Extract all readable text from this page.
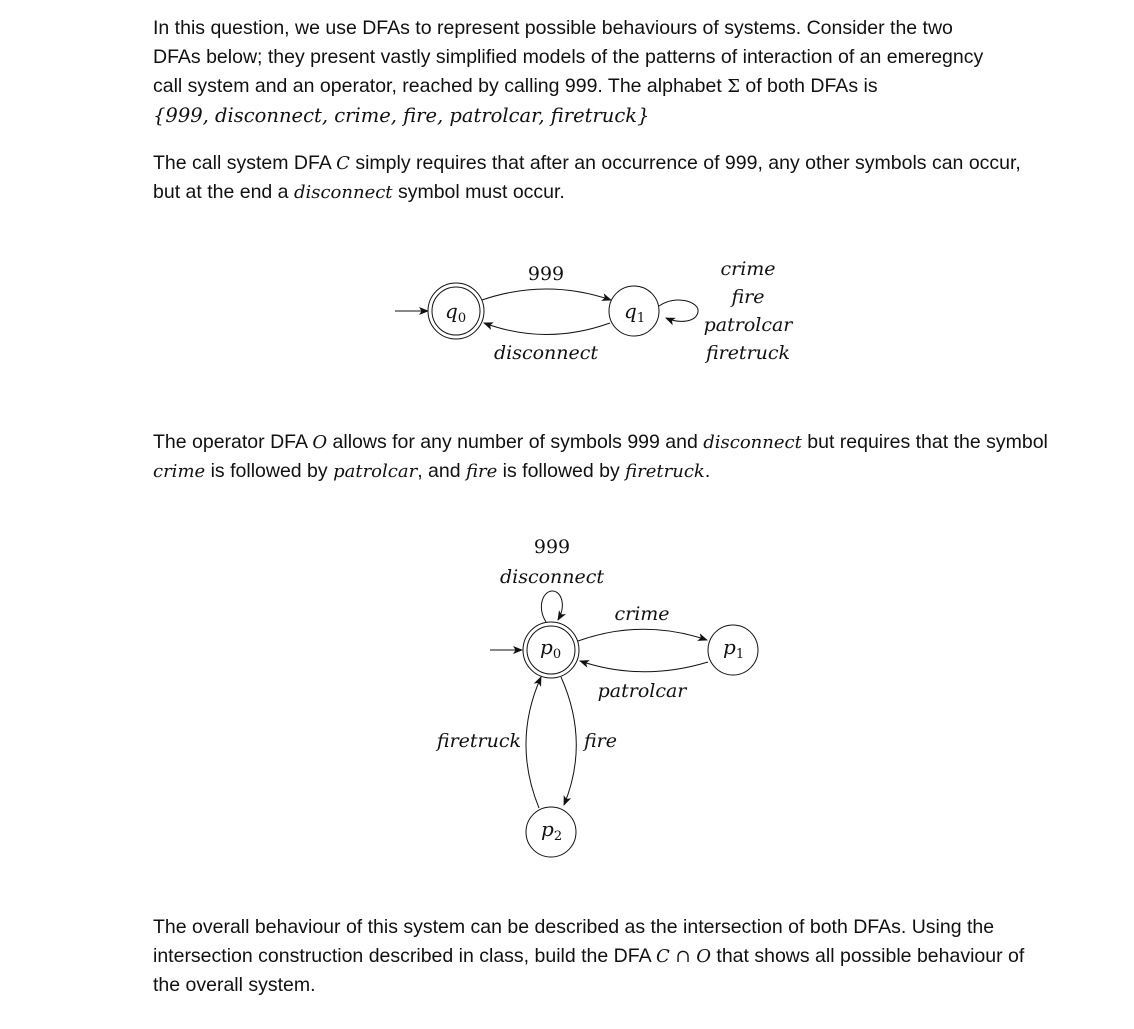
In this question, we use DFAs to represent possible behaviours of systems. Consider the two
DFAs below; they present vastly simplified models of the patterns of interaction of an emeregncy
call system and an operator, reached by calling 999. The alphabet Σ of both DFAs is
{999, disconnect, crime, fire, patrolcar, firetruck}
The call system DFA C simply requires that after an occurrence of 999, any other symbols can occur, but at the end a disconnect symbol must occur.
The operator DFA O allows for any number of symbols 999 and disconnect but requires that the symbol crime is followed by patrolcar, and fire is followed by firetruck.
The overall behaviour of this system can be described as the intersection of both DFAs. Using the intersection construction described in class, build the DFA C ∩ O that shows all possible behaviour of the overall system.
$q_0$	$q_1$
999
disconnect
crime
fire
patrolcar
firetruck
$p_0$	$p_1$
$p_2$
999
disconnect
crime
patrolcar
fire
firetruck
